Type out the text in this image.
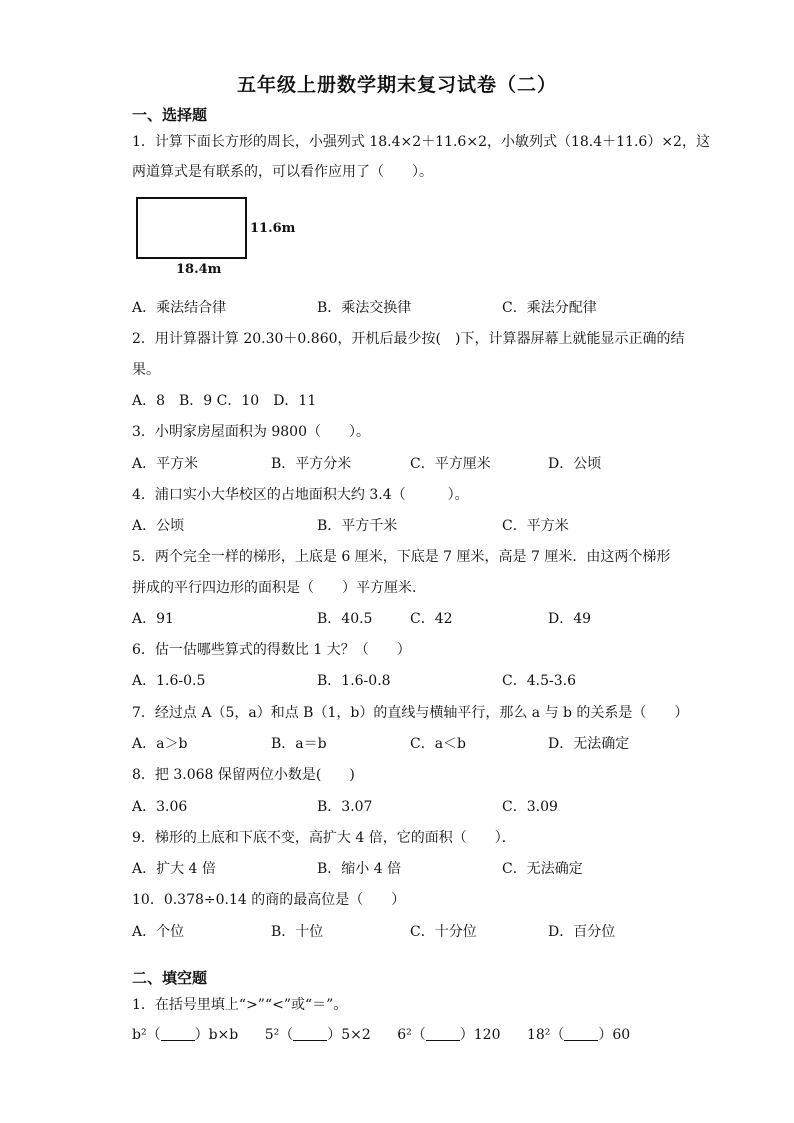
五年级上册数学期末复习试卷（二）
一、选择题
1．计算下面长方形的周长，小强列式 18.4×2＋11.6×2，小敏列式（18.4＋11.6）×2，这
两道算式是有联系的，可以看作应用了（　　）。
11.6m
18.4m
A．乘法结合律	B．乘法交换律	C．乘法分配律
2．用计算器计算 20.30＋0.860，开机后最少按(　)下，计算器屏幕上就能显示正确的结
果。
A．8　B．9 C．10　D．11
3．小明家房屋面积为 9800（　　）。
A．平方米	B．平方分米	C．平方厘米	D．公顷
4．浦口实小大华校区的占地面积大约 3.4（　　　）。
A．公顷	B．平方千米	C．平方米
5．两个完全一样的梯形，上底是 6 厘米，下底是 7 厘米，高是 7 厘米．由这两个梯形
拼成的平行四边形的面积是（　　）平方厘米．
A．91	B．40.5	C．42	D．49
6．估一估哪些算式的得数比 1 大？（　　）
A．1.6-0.5	B．1.6-0.8	C．4.5-3.6
7．经过点 A（5，a）和点 B（1，b）的直线与横轴平行，那么 a 与 b 的关系是（　　）
A．a＞b	B．a＝b	C．a＜b	D．无法确定
8．把 3.068 保留两位小数是(　　)
A．3.06	B．3.07	C．3.09
9．梯形的上底和下底不变，高扩大 4 倍，它的面积（　　）．
A．扩大 4 倍	B．缩小 4 倍	C．无法确定
10．0.378÷0.14 的商的最高位是（　　）
A．个位	B．十位	C．十分位	D．百分位
二、填空题
1．在括号里填上“>”“<”或“＝”。
b²（ ）b×b 5²（ ）5×2 6²（ ）120 18²（ ）60
